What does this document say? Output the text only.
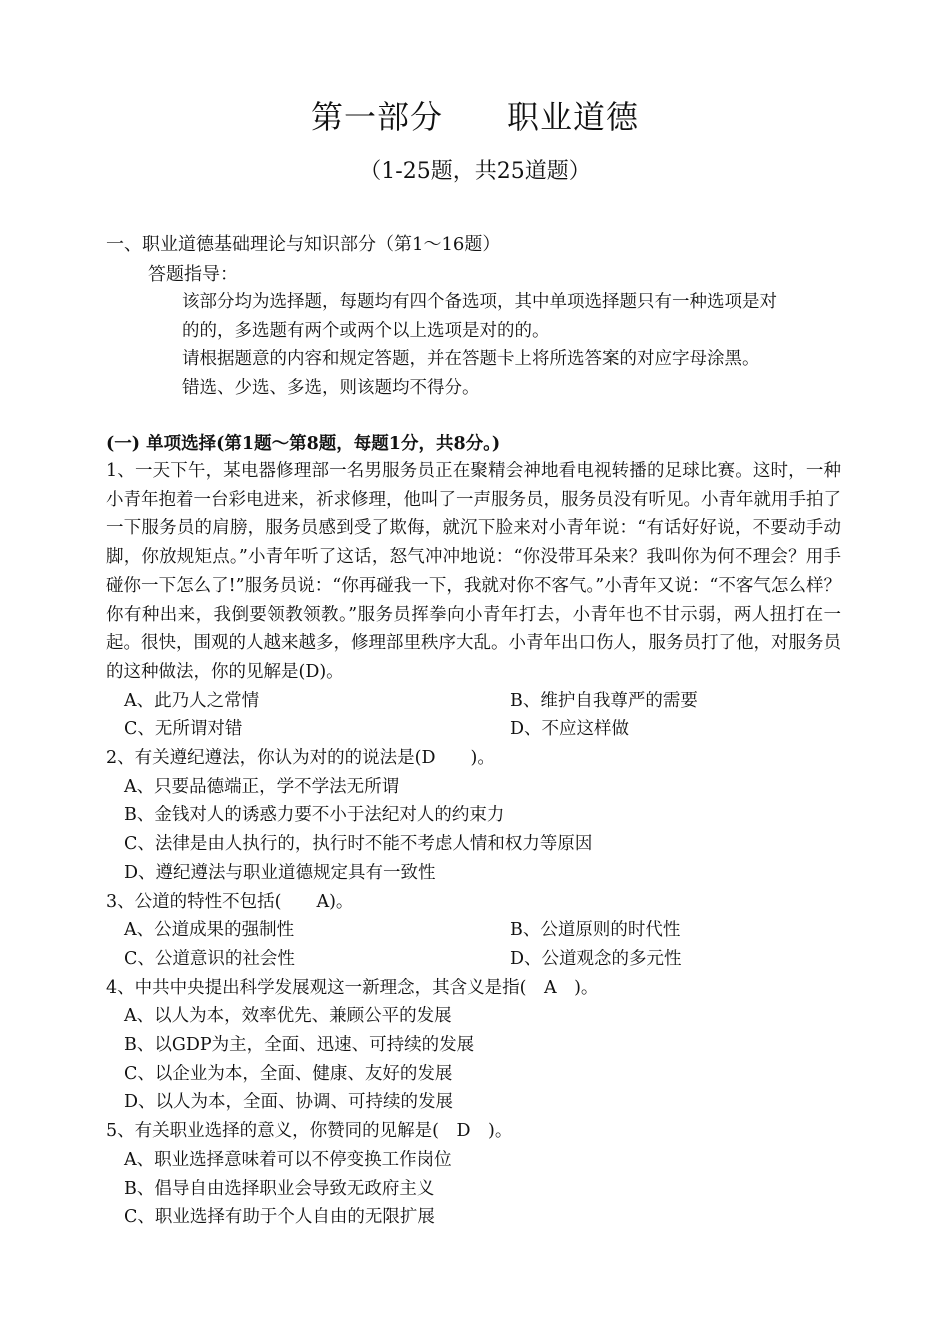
第一部分 职业道德
（1-25题，共25道题）
一、职业道德基础理论与知识部分（第1～16题）
答题指导：

该部分均为选择题，每题均有四个备选项，其中单项选择题只有一种选项是对

的的，多选题有两个或两个以上选项是对的的。

请根据题意的内容和规定答题，并在答题卡上将所选答案的对应字母涂黑。

错选、少选、多选，则该题均不得分。

(一) 单项选择(第1题～第8题，每题1分，共8分。)

1、一天下午，某电器修理部一名男服务员正在聚精会神地看电视转播的足球比赛。这时，一种小青年抱着一台彩电进来，祈求修理，他叫了一声服务员，服务员没有听见。小青年就用手拍了一下服务员的肩膀，服务员感到受了欺侮，就沉下脸来对小青年说：“有话好好说，不要动手动脚，你放规矩点。”小青年听了这话，怒气冲冲地说：“你没带耳朵来？我叫你为何不理会？用手碰你一下怎么了!”服务员说：“你再碰我一下，我就对你不客气。”小青年又说：“不客气怎么样？你有种出来，我倒要领教领教。”服务员挥拳向小青年打去，小青年也不甘示弱，两人扭打在一起。很快，围观的人越来越多，修理部里秩序大乱。小青年出口伤人，服务员打了他，对服务员的这种做法，你的见解是(D)。

A、此乃人之常情	B、维护自我尊严的需要
C、无所谓对错	D、不应这样做

2、有关遵纪遵法，你认为对的的说法是(D　　)。

A、只要品德端正，学不学法无所谓
B、金钱对人的诱惑力要不小于法纪对人的约束力
C、法律是由人执行的，执行时不能不考虑人情和权力等原因
D、遵纪遵法与职业道德规定具有一致性

3、公道的特性不包括(　　A)。

A、公道成果的强制性	B、公道原则的时代性
C、公道意识的社会性	D、公道观念的多元性

4、中共中央提出科学发展观这一新理念，其含义是指(　A　)。

A、以人为本，效率优先、兼顾公平的发展
B、以GDP为主，全面、迅速、可持续的发展
C、以企业为本，全面、健康、友好的发展
D、以人为本，全面、协调、可持续的发展

5、有关职业选择的意义，你赞同的见解是(　D　)。

A、职业选择意味着可以不停变换工作岗位
B、倡导自由选择职业会导致无政府主义
C、职业选择有助于个人自由的无限扩展
